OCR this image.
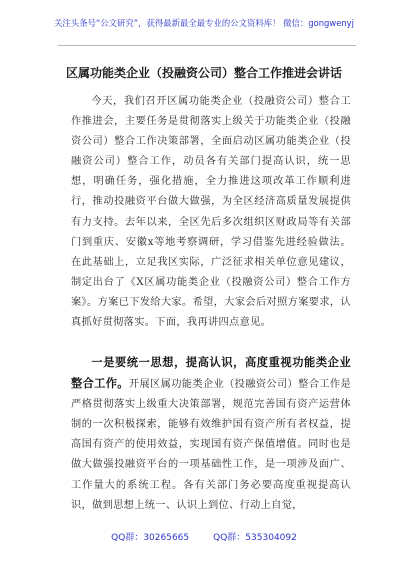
关注头条号“公文研究”，获得最新最全最专业的公文资料库！ 微信：gongwenyj
区属功能类企业（投融资公司）整合工作推进会讲话

今天，我们召开区属功能类企业（投融资公司）整合工作推进会，主要任务是贯彻落实上级关于功能类企业（投融资公司）整合工作决策部署，全面启动区属功能类企业（投融资公司）整合工作，动员各有关部门提高认识，统一思想，明确任务，强化措施，全力推进这项改革工作顺利进行，推动投融资平台做大做强，为全区经济高质量发展提供有力支持。去年以来，全区先后多次组织区财政局等有关部门到重庆、安徽x等地考察调研，学习借鉴先进经验做法。在此基础上，立足我区实际，广泛征求相关单位意见建议，制定出台了《X区属功能类企业（投融资公司）整合工作方案》。方案已下发给大家。希望，大家会后对照方案要求，认真抓好贯彻落实。下面，我再讲四点意见。

一是要统一思想，提高认识，高度重视功能类企业整合工作。开展区属功能类企业（投融资公司）整合工作是严格贯彻落实上级重大决策部署，规范完善国有资产运营体制的一次积极探索，能够有效维护国有资产所有者权益，提高国有资产的使用效益，实现国有资产保值增值。同时也是做大做强投融资平台的一项基础性工作，是一项涉及面广、工作量大的系统工程。各有关部门务必要高度重视提高认识，做到思想上统一、认识上到位、行动上自觉，

QQ群：30265665	QQ群：535304092
